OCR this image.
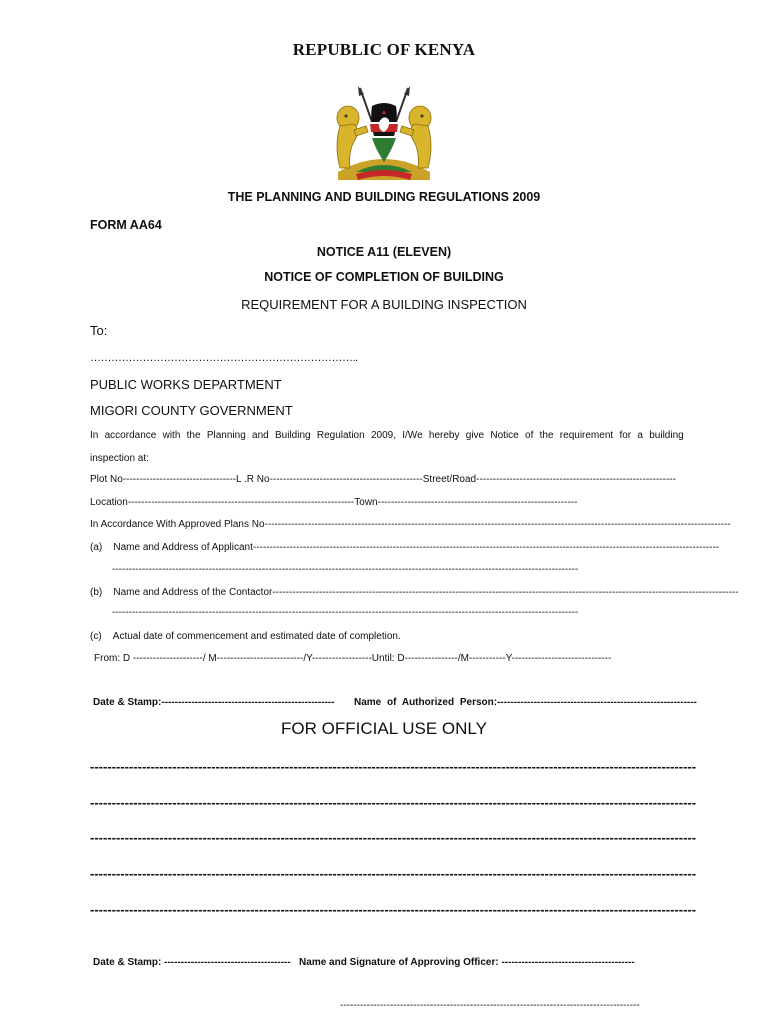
REPUBLIC OF KENYA
THE PLANNING AND BUILDING REGULATIONS 2009
FORM AA64
NOTICE A11 (ELEVEN)
NOTICE OF COMPLETION OF BUILDING
REQUIREMENT FOR A BUILDING INSPECTION
To:
…………………………………………………………………..
PUBLIC WORKS DEPARTMENT
MIGORI COUNTY GOVERNMENT
In accordance with the Planning and Building Regulation 2009, I/We hereby give Notice of the requirement for a building
inspection at:
Plot No----------------------------------L .R No----------------------------------------------Street/Road------------------------------------------------------------
Location--------------------------------------------------------------------Town------------------------------------------------------------
In Accordance With Approved Plans No--------------------------------------------------------------------------------------------------------------------------------------------
(a) Name and Address of Applicant--------------------------------------------------------------------------------------------------------------------------------------------
--------------------------------------------------------------------------------------------------------------------------------------------
(b) Name and Address of the Contactor--------------------------------------------------------------------------------------------------------------------------------------------
--------------------------------------------------------------------------------------------------------------------------------------------
(c) Actual date of commencement and estimated date of completion.
From: D ---------------------/ M--------------------------/Y------------------Until: D----------------/M-----------Y------------------------------
Date & Stamp:---------------------------------------------------- Name of Authorized Person:------------------------------------------------------------
FOR OFFICIAL USE ONLY
--------------------------------------------------------------------------------------------------------------------------------------------
--------------------------------------------------------------------------------------------------------------------------------------------
--------------------------------------------------------------------------------------------------------------------------------------------
--------------------------------------------------------------------------------------------------------------------------------------------
--------------------------------------------------------------------------------------------------------------------------------------------
Date & Stamp: -------------------------------------- Name and Signature of Approving Officer: ----------------------------------------
------------------------------------------------------------------------------------------
